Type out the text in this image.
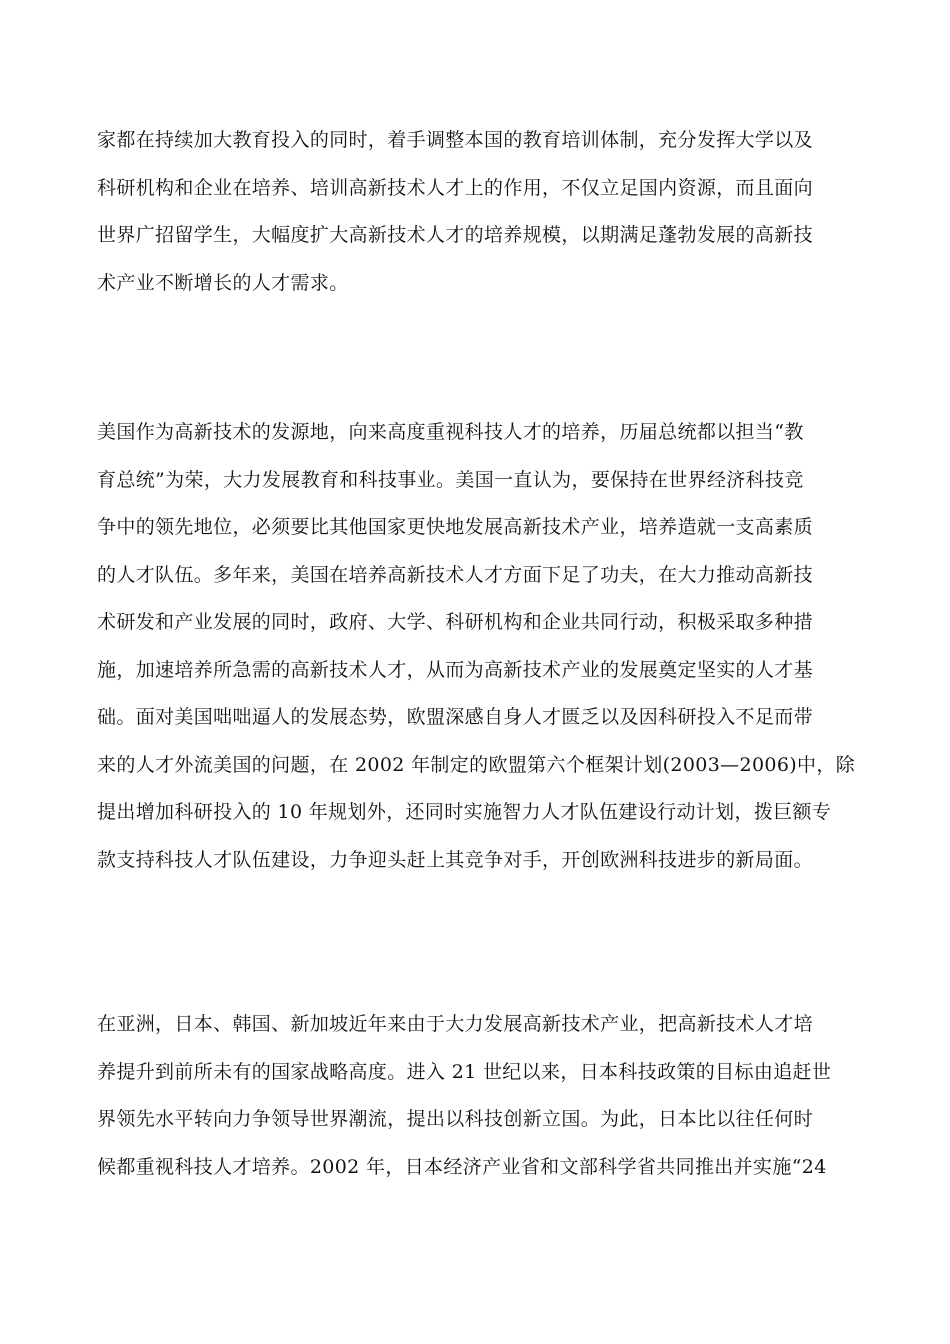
家都在持续加大教育投入的同时，着手调整本国的教育培训体制，充分发挥大学以及
科研机构和企业在培养、培训高新技术人才上的作用，不仅立足国内资源，而且面向
世界广招留学生，大幅度扩大高新技术人才的培养规模，以期满足蓬勃发展的高新技
术产业不断增长的人才需求。
美国作为高新技术的发源地，向来高度重视科技人才的培养，历届总统都以担当“教
育总统”为荣，大力发展教育和科技事业。美国一直认为，要保持在世界经济科技竞
争中的领先地位，必须要比其他国家更快地发展高新技术产业，培养造就一支高素质
的人才队伍。多年来，美国在培养高新技术人才方面下足了功夫，在大力推动高新技
术研发和产业发展的同时，政府、大学、科研机构和企业共同行动，积极采取多种措
施，加速培养所急需的高新技术人才，从而为高新技术产业的发展奠定坚实的人才基
础。面对美国咄咄逼人的发展态势，欧盟深感自身人才匮乏以及因科研投入不足而带
来的人才外流美国的问题，在 2002 年制定的欧盟第六个框架计划(2003—2006)中，除
提出增加科研投入的 10 年规划外，还同时实施智力人才队伍建设行动计划，拨巨额专
款支持科技人才队伍建设，力争迎头赶上其竞争对手，开创欧洲科技进步的新局面。
在亚洲，日本、韩国、新加坡近年来由于大力发展高新技术产业，把高新技术人才培
养提升到前所未有的国家战略高度。进入 21 世纪以来，日本科技政策的目标由追赶世
界领先水平转向力争领导世界潮流，提出以科技创新立国。为此，日本比以往任何时
候都重视科技人才培养。2002 年，日本经济产业省和文部科学省共同推出并实施“24
